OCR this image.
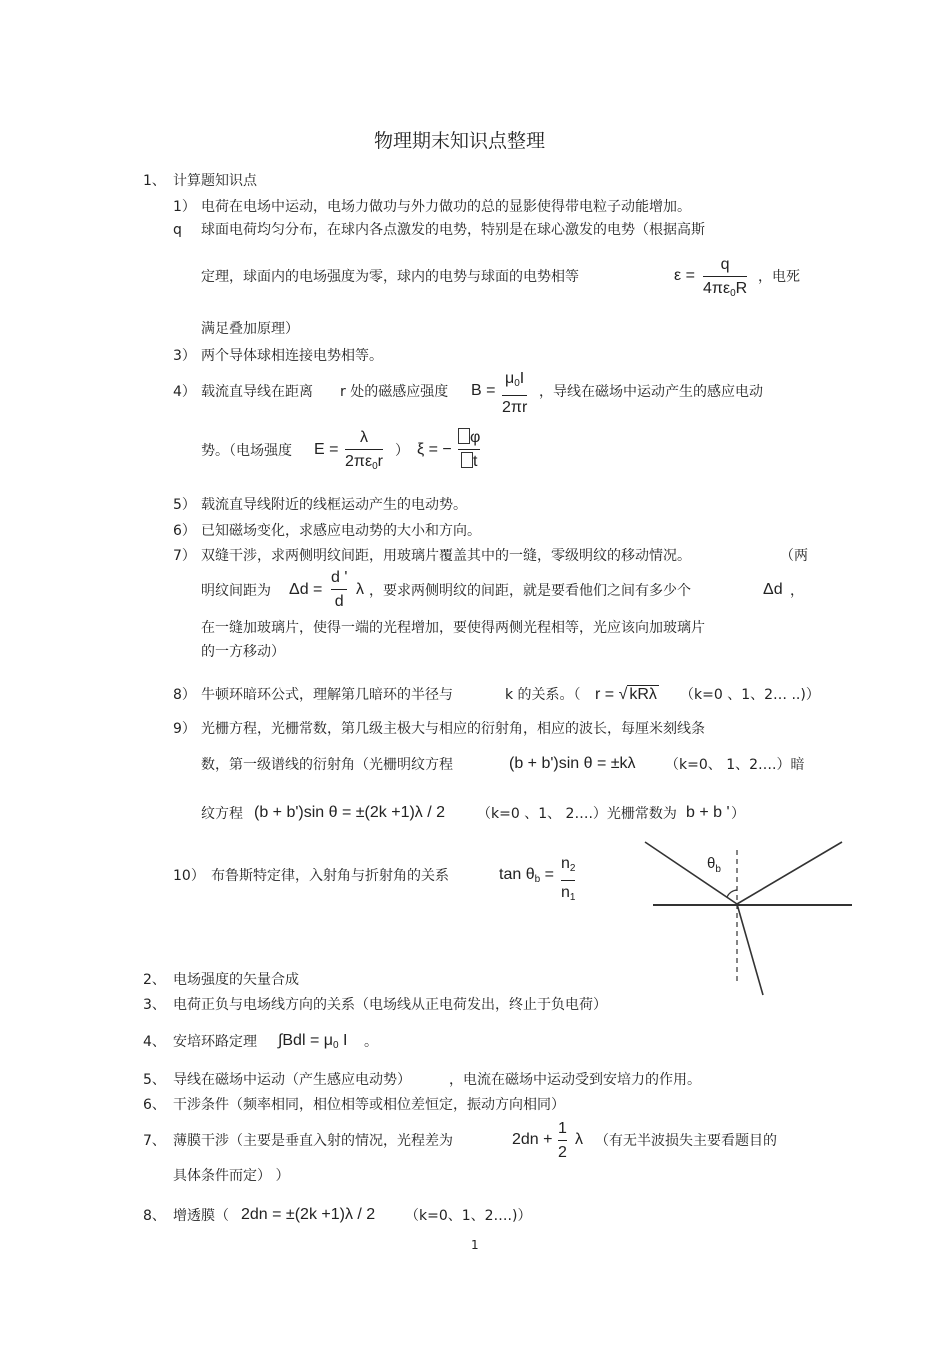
物理期末知识点整理
1、 计算题知识点
1） 电荷在电场中运动，电场力做功与外力做功的总的显影使得带电粒子动能增加。
q 球面电荷均匀分布，在球内各点激发的电势，特别是在球心激发的电势（根据高斯
定理，球面内的电场强度为零，球内的电势与球面的电势相等	ε =
q
$4\pi\varepsilon_0R$
，电死
满足叠加原理）
3） 两个导体球相连接电势相等。
4） 载流直导线在距离 r 处的磁感应强度 B =
$\mu_0I$
2πr
，导线在磁场中运动产生的感应电动
势。（电场强度 E =
λ
$2\pi\varepsilon_0r$
） ξ = −
φ
t
5） 载流直导线附近的线框运动产生的电动势。
6） 已知磁场变化，求感应电动势的大小和方向。
7） 双缝干涉，求两侧明纹间距，用玻璃片覆盖其中的一缝，零级明纹的移动情况。	（两
明纹间距为 Δd =
d '
d
λ ，要求两侧明纹的间距，就是要看他们之间有多少个	Δd ，
在一缝加玻璃片，使得一端的光程增加，要使得两侧光程相等，光应该向加玻璃片
的一方移动）
8） 牛顿环暗环公式，理解第几暗环的半径与	k 的关系。（ r = √ kRλ （k=0 、1、2… ..)）
9） 光栅方程，光栅常数，第几级主极大与相应的衍射角，相应的波长，每厘米刻线条
数，第一级谱线的衍射角（光栅明纹方程	(b + b')sin θ = ±kλ （k=0、 1、2….）暗
纹方程 (b + b')sin θ = ±(2k +1)λ / 2 （k=0 、1、 2….）光栅常数为 b + b ' ）
10） 布鲁斯特定律，入射角与折射角的关系	$\tan \theta_b$ =
$n_2$
$n_1$
$\theta_b$
2、 电场强度的矢量合成
3、 电荷正负与电场线方向的关系（电场线从正电荷发出，终止于负电荷）
4、 安培环路定理 $\int Bdl = \mu_0$ I 。
5、 导线在磁场中运动（产生感应电动势）	，电流在磁场中运动受到安培力的作用。
6、 干涉条件（频率相同，相位相等或相位差恒定，振动方向相同）
7、 薄膜干涉（主要是垂直入射的情况，光程差为	2dn +
1
2
λ （有无半波损失主要看题目的
具体条件而定） ）
8、 增透膜（ 2dn = ±(2k +1)λ / 2 （k=0、1、2….)）
1
